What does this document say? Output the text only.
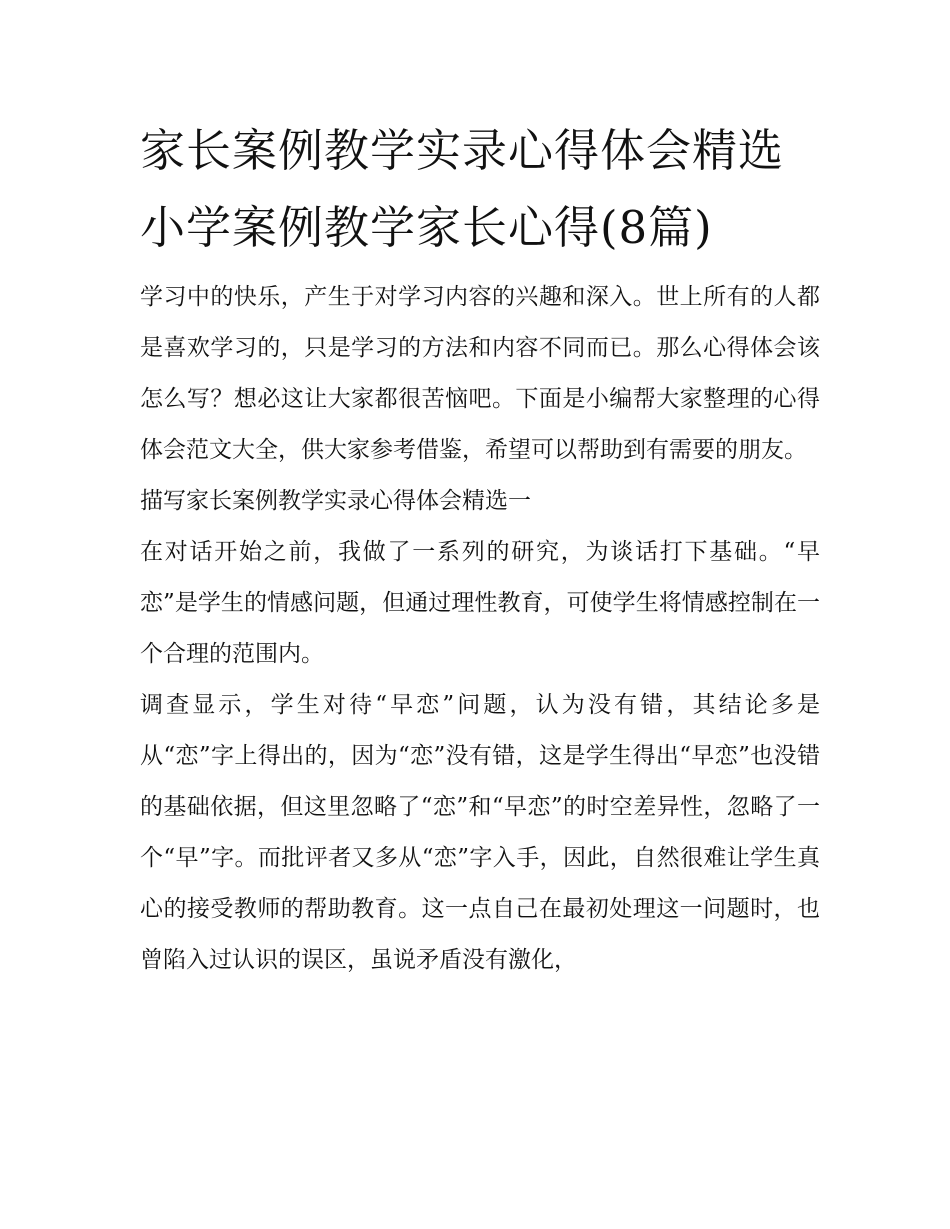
家长案例教学实录心得体会精选 小学案例教学家长心得(8篇)

学习中的快乐，产生于对学习内容的兴趣和深入。世上所有的人都是喜欢学习的，只是学习的方法和内容不同而已。那么心得体会该怎么写？想必这让大家都很苦恼吧。下面是小编帮大家整理的心得体会范文大全，供大家参考借鉴，希望可以帮助到有需要的朋友。

描写家长案例教学实录心得体会精选一

在对话开始之前，我做了一系列的研究，为谈话打下基础。“早恋”是学生的情感问题，但通过理性教育，可使学生将情感控制在一个合理的范围内。

调查显示，学生对待“早恋”问题，认为没有错，其结论多是从“恋”字上得出的，因为“恋”没有错，这是学生得出“早恋”也没错的基础依据，但这里忽略了“恋”和“早恋”的时空差异性，忽略了一个“早”字。而批评者又多从“恋”字入手，因此，自然很难让学生真心的接受教师的帮助教育。这一点自己在最初处理这一问题时，也曾陷入过认识的误区，虽说矛盾没有激化，
